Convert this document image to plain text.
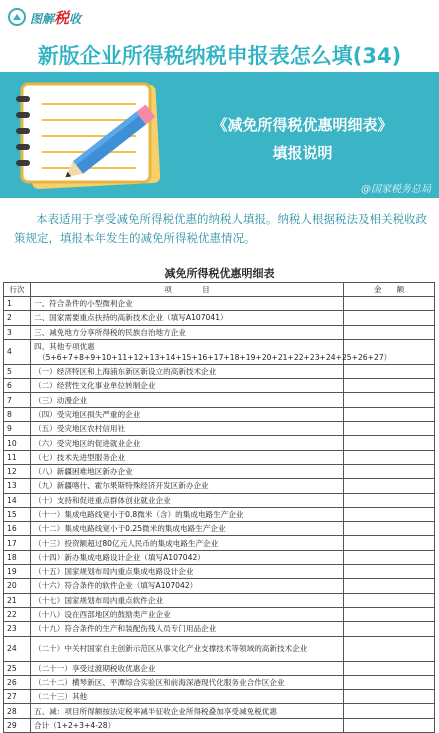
图解税收
新版企业所得税纳税申报表怎么填(34)
《减免所得税优惠明细表》
填报说明
@国家税务总局
本表适用于享受减免所得税优惠的纳税人填报。纳税人根据税法及相关税收政策规定，填报本年发生的减免所得税优惠情况。
减免所得税优惠明细表
行次	项　　　　目	金　　额
1	一、符合条件的小型微利企业	
2	二、国家需要重点扶持的高新技术企业（填写A107041）	
3	三、减免地方分享所得税的民族自治地方企业	
4	四、其他专项优惠
（5+6+7+8+9+10+11+12+13+14+15+16+17+18+19+20+21+22+23+24+25+26+27）	

5	（一）经济特区和上海浦东新区新设立的高新技术企业	
6	（二）经营性文化事业单位转制企业	
7	（三）动漫企业	
8	（四）受灾地区损失严重的企业	
9	（五）受灾地区农村信用社	
10	（六）受灾地区的促进就业企业	
11	（七）技术先进型服务企业	
12	（八）新疆困难地区新办企业	
13	（九）新疆喀什、霍尔果斯特殊经济开发区新办企业	
14	（十）支持和促进重点群体创业就业企业	
15	（十一）集成电路线宽小于0.8微米（含）的集成电路生产企业	
16	（十二）集成电路线宽小于0.25微米的集成电路生产企业	
17	（十三）投资额超过80亿元人民币的集成电路生产企业	
18	（十四）新办集成电路设计企业（填写A107042）	
19	（十五）国家规划布局内重点集成电路设计企业	
20	（十六）符合条件的软件企业（填写A107042）	
21	（十七）国家规划布局内重点软件企业	
22	（十八）设在西部地区的鼓励类产业企业	
23	（十九）符合条件的生产和装配伤残人员专门用品企业	
24	（二十）中关村国家自主创新示范区从事文化产业支撑技术等领域的高新技术企业	
25	（二十一）享受过渡期税收优惠企业	
26	（二十二）横琴新区、平潭综合实验区和前海深港现代化服务业合作区企业	
27	（二十三）其他	
28	五、减：项目所得额按法定税率减半征收企业所得税叠加享受减免税优惠	
29	合计（1+2+3+4-28）	
